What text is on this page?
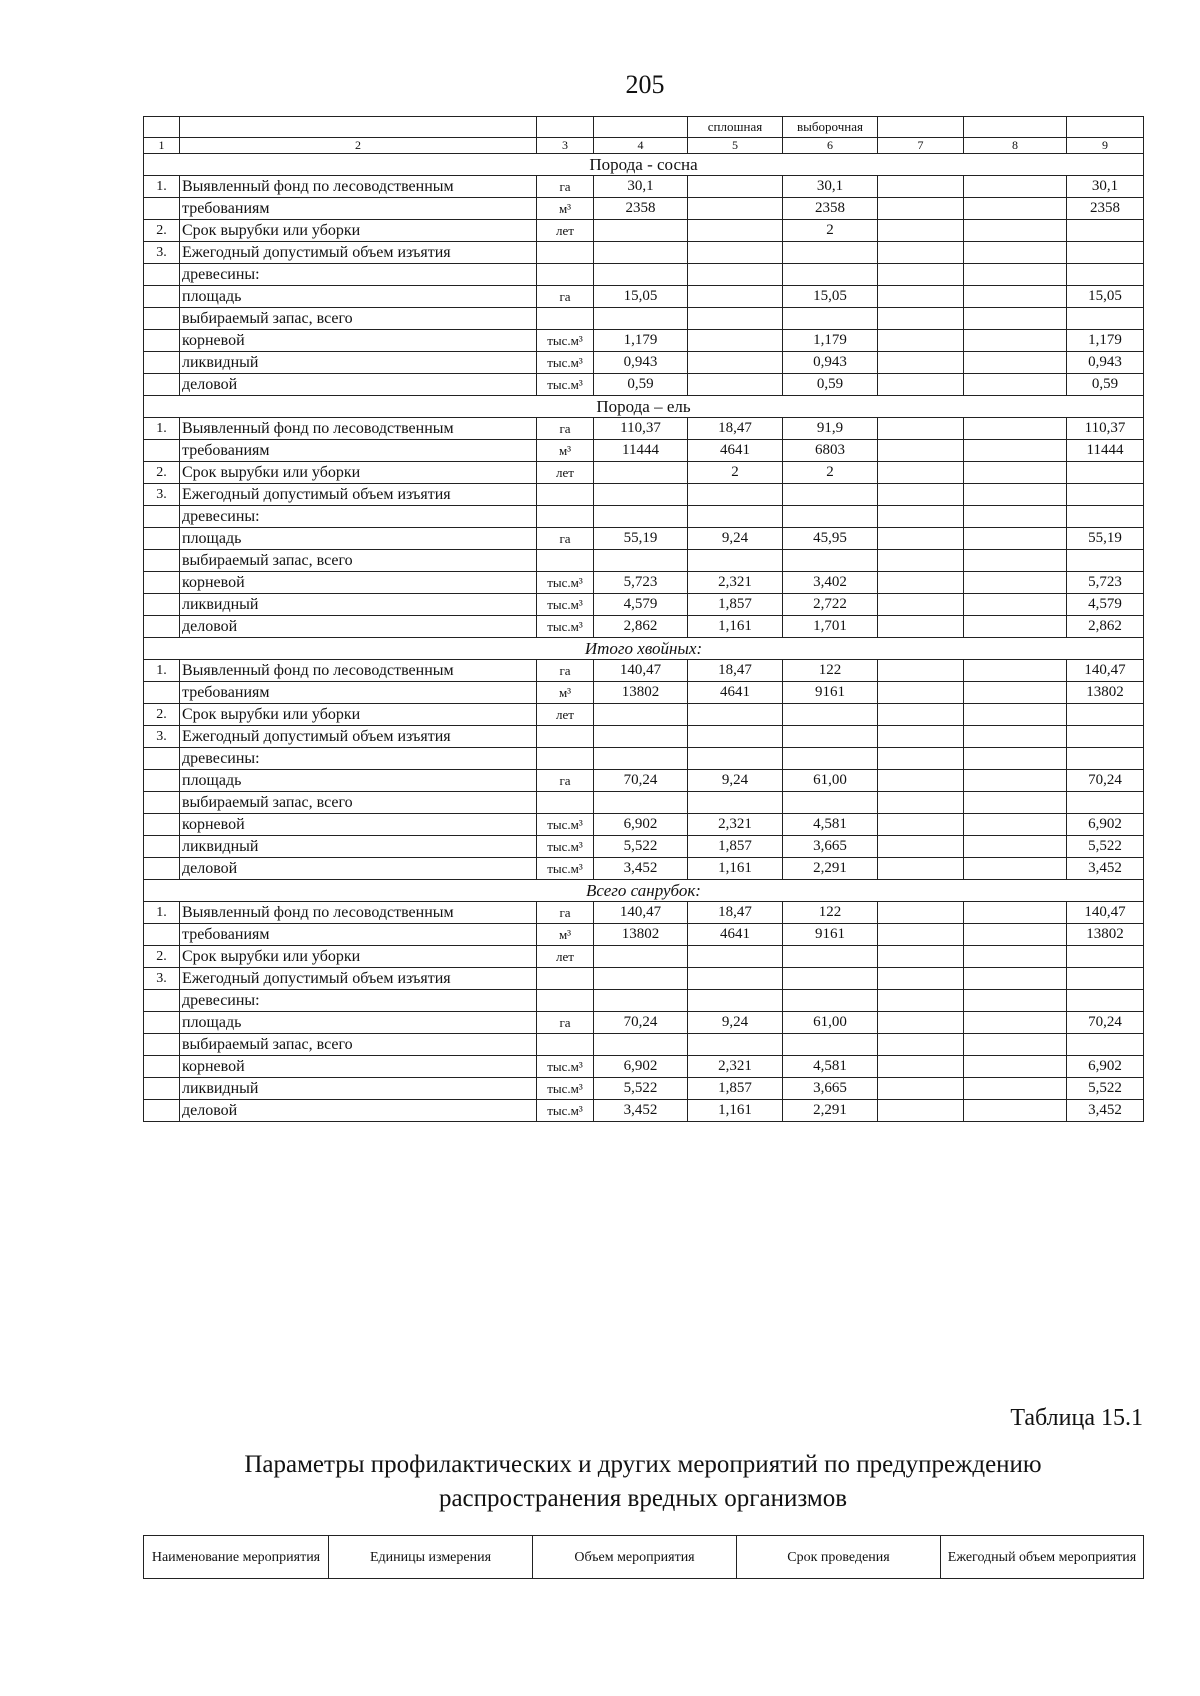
205
				сплошная	выборочная			
1	2	3	4	5	6	7	8	9
Порода - сосна								
1.	Выявленный фонд по лесоводственным	га	30,1		30,1			30,1
	требованиям	м³	2358		2358			2358
2.	Срок вырубки или уборки	лет			2			
3.	Ежегодный допустимый объем изъятия							
	древесины:							
	площадь	га	15,05		15,05			15,05
	выбираемый запас, всего							
	корневой	тыс.м³	1,179		1,179			1,179
	ликвидный	тыс.м³	0,943		0,943			0,943
	деловой	тыс.м³	0,59		0,59			0,59
Порода – ель								
1.	Выявленный фонд по лесоводственным	га	110,37	18,47	91,9			110,37
	требованиям	м³	11444	4641	6803			11444
2.	Срок вырубки или уборки	лет		2	2			
3.	Ежегодный допустимый объем изъятия							
	древесины:							
	площадь	га	55,19	9,24	45,95			55,19
	выбираемый запас, всего							
	корневой	тыс.м³	5,723	2,321	3,402			5,723
	ликвидный	тыс.м³	4,579	1,857	2,722			4,579
	деловой	тыс.м³	2,862	1,161	1,701			2,862
Итого хвойных:								
1.	Выявленный фонд по лесоводственным	га	140,47	18,47	122			140,47
	требованиям	м³	13802	4641	9161			13802
2.	Срок вырубки или уборки	лет						
3.	Ежегодный допустимый объем изъятия							
	древесины:							
	площадь	га	70,24	9,24	61,00			70,24
	выбираемый запас, всего							
	корневой	тыс.м³	6,902	2,321	4,581			6,902
	ликвидный	тыс.м³	5,522	1,857	3,665			5,522
	деловой	тыс.м³	3,452	1,161	2,291			3,452
Всего санрубок:								
1.	Выявленный фонд по лесоводственным	га	140,47	18,47	122			140,47
	требованиям	м³	13802	4641	9161			13802
2.	Срок вырубки или уборки	лет						
3.	Ежегодный допустимый объем изъятия							
	древесины:							
	площадь	га	70,24	9,24	61,00			70,24
	выбираемый запас, всего							
	корневой	тыс.м³	6,902	2,321	4,581			6,902
	ликвидный	тыс.м³	5,522	1,857	3,665			5,522
	деловой	тыс.м³	3,452	1,161	2,291			3,452
Таблица 15.1
Параметры профилактических и других мероприятий по предупреждению
распространения вредных организмов
Наименование мероприятия	Единицы измерения	Объем мероприятия	Срок проведения	Ежегодный объем мероприятия
